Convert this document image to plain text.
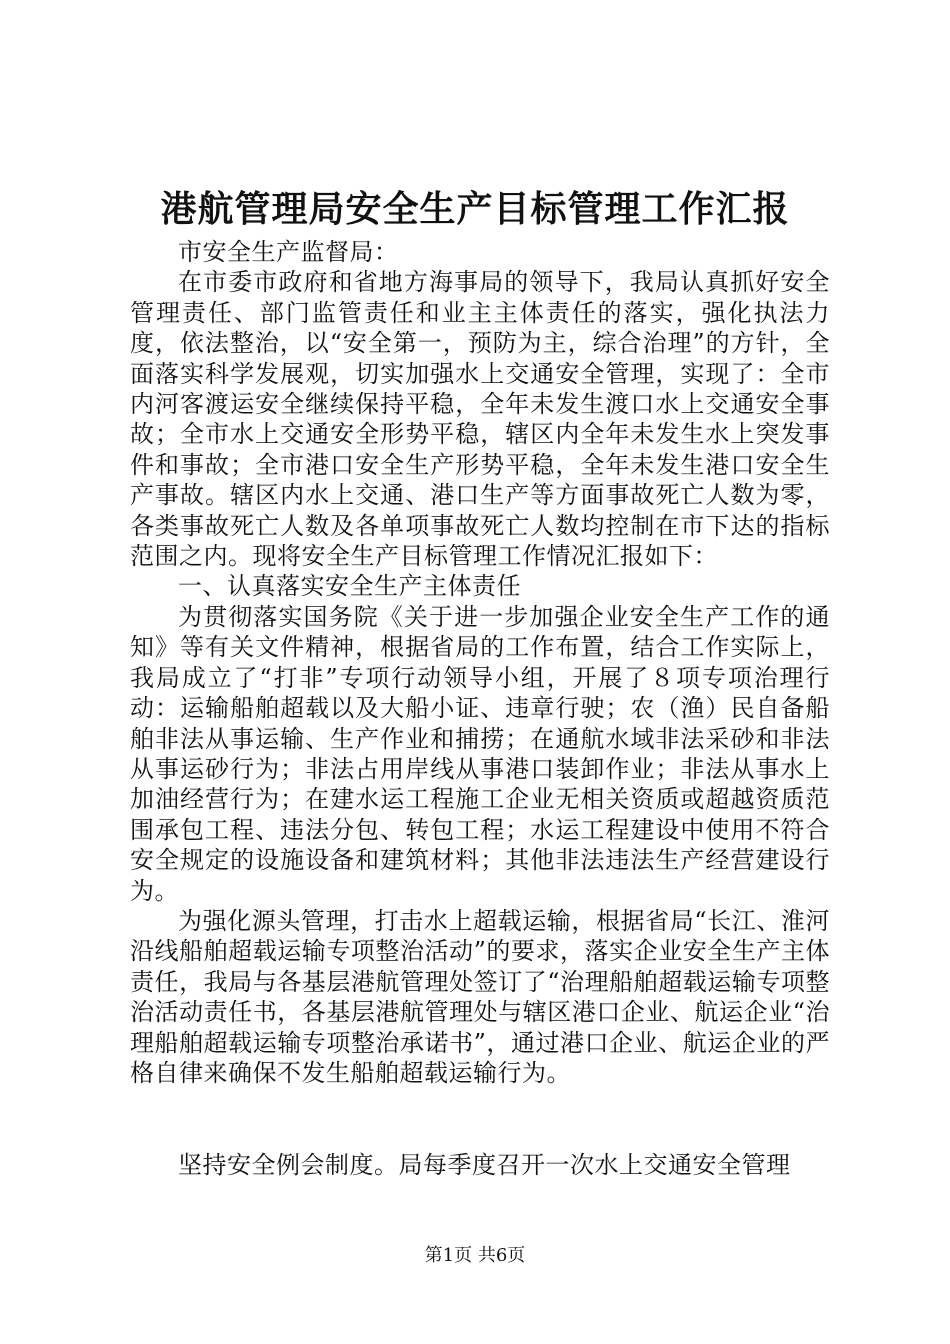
港航管理局安全生产目标管理工作汇报

市安全生产监督局：

在市委市政府和省地方海事局的领导下，我局认真抓好安全管理责任、部门监管责任和业主主体责任的落实，强化执法力度，依法整治，以“安全第一，预防为主，综合治理”的方针，全面落实科学发展观，切实加强水上交通安全管理，实现了：全市内河客渡运安全继续保持平稳，全年未发生渡口水上交通安全事故；全市水上交通安全形势平稳，辖区内全年未发生水上突发事件和事故；全市港口安全生产形势平稳，全年未发生港口安全生产事故。辖区内水上交通、港口生产等方面事故死亡人数为零，各类事故死亡人数及各单项事故死亡人数均控制在市下达的指标范围之内。现将安全生产目标管理工作情况汇报如下：

一、认真落实安全生产主体责任

为贯彻落实国务院《关于进一步加强企业安全生产工作的通知》等有关文件精神，根据省局的工作布置，结合工作实际上，我局成立了“打非”专项行动领导小组，开展了８项专项治理行动：运输船舶超载以及大船小证、违章行驶；农（渔）民自备船舶非法从事运输、生产作业和捕捞；在通航水域非法采砂和非法从事运砂行为；非法占用岸线从事港口装卸作业；非法从事水上加油经营行为；在建水运工程施工企业无相关资质或超越资质范围承包工程、违法分包、转包工程；水运工程建设中使用不符合安全规定的设施设备和建筑材料；其他非法违法生产经营建设行为。

为强化源头管理，打击水上超载运输，根据省局“长江、淮河沿线船舶超载运输专项整治活动”的要求，落实企业安全生产主体责任，我局与各基层港航管理处签订了“治理船舶超载运输专项整治活动责任书，各基层港航管理处与辖区港口企业、航运企业“治理船舶超载运输专项整治承诺书”，通过港口企业、航运企业的严格自律来确保不发生船舶超载运输行为。

坚持安全例会制度。局每季度召开一次水上交通安全管理

第1页 共6页
